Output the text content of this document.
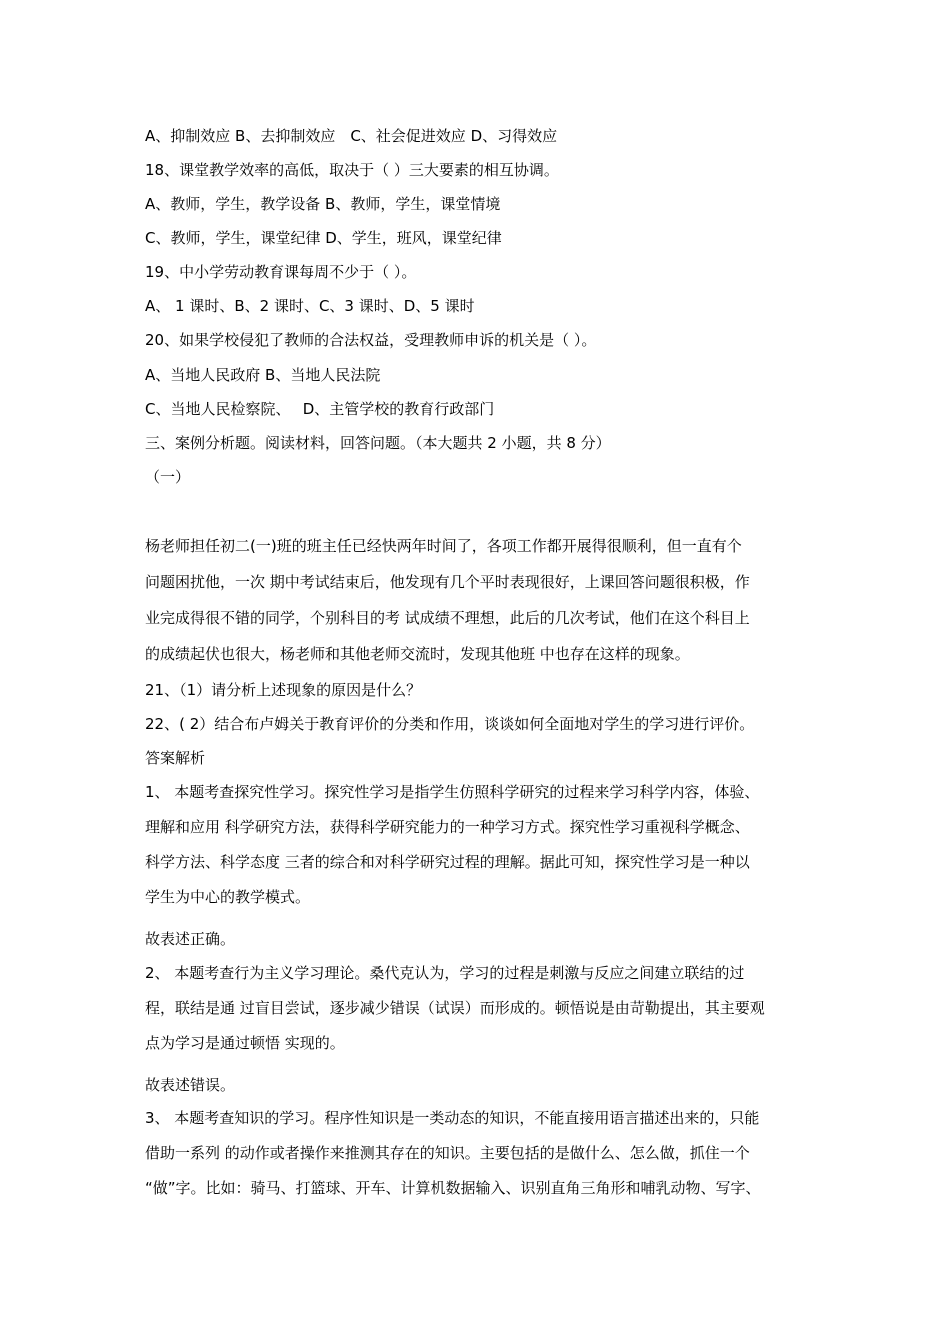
A、抑制效应 B、去抑制效应　C、社会促进效应 D、习得效应
18、课堂教学效率的高低，取决于（ ）三大要素的相互协调。
A、教师，学生，教学设备 B、教师，学生，课堂情境
C、教师，学生，课堂纪律 D、学生，班风，课堂纪律
19、中小学劳动教育课每周不少于（ ）。
A、 1 课时、B、2 课时、C、3 课时、D、5 课时
20、如果学校侵犯了教师的合法权益，受理教师申诉的机关是（ ）。
A、当地人民政府 B、当地人民法院
C、当地人民检察院、　 D、主管学校的教育行政部门
三、案例分析题。阅读材料，回答问题。（本大题共 2 小题，共 8 分）
（一）
杨老师担任初二(一)班的班主任已经快两年时间了，各项工作都开展得很顺利，但一直有个
问题困扰他，一次 期中考试结束后，他发现有几个平时表现很好，上课回答问题很积极，作
业完成得很不错的同学，个别科目的考 试成绩不理想，此后的几次考试，他们在这个科目上
的成绩起伏也很大，杨老师和其他老师交流时，发现其他班 中也存在这样的现象。
21、（1）请分析上述现象的原因是什么？
22、( 2）结合布卢姆关于教育评价的分类和作用，谈谈如何全面地对学生的学习进行评价。
答案解析
1、 本题考查探究性学习。探究性学习是指学生仿照科学研究的过程来学习科学内容，体验、
理解和应用 科学研究方法，获得科学研究能力的一种学习方式。探究性学习重视科学概念、
科学方法、科学态度 三者的综合和对科学研究过程的理解。据此可知，探究性学习是一种以
学生为中心的教学模式。
故表述正确。
2、 本题考查行为主义学习理论。桑代克认为，学习的过程是刺激与反应之间建立联结的过
程，联结是通 过盲目尝试，逐步减少错误（试误）而形成的。顿悟说是由苛勒提出，其主要观
点为学习是通过顿悟 实现的。
故表述错误。
3、 本题考查知识的学习。程序性知识是一类动态的知识，不能直接用语言描述出来的，只能
借助一系列 的动作或者操作来推测其存在的知识。主要包括的是做什么、怎么做，抓住一个
“做”字。比如：骑马、打篮球、开车、计算机数据输入、识别直角三角形和哺乳动物、写字、
